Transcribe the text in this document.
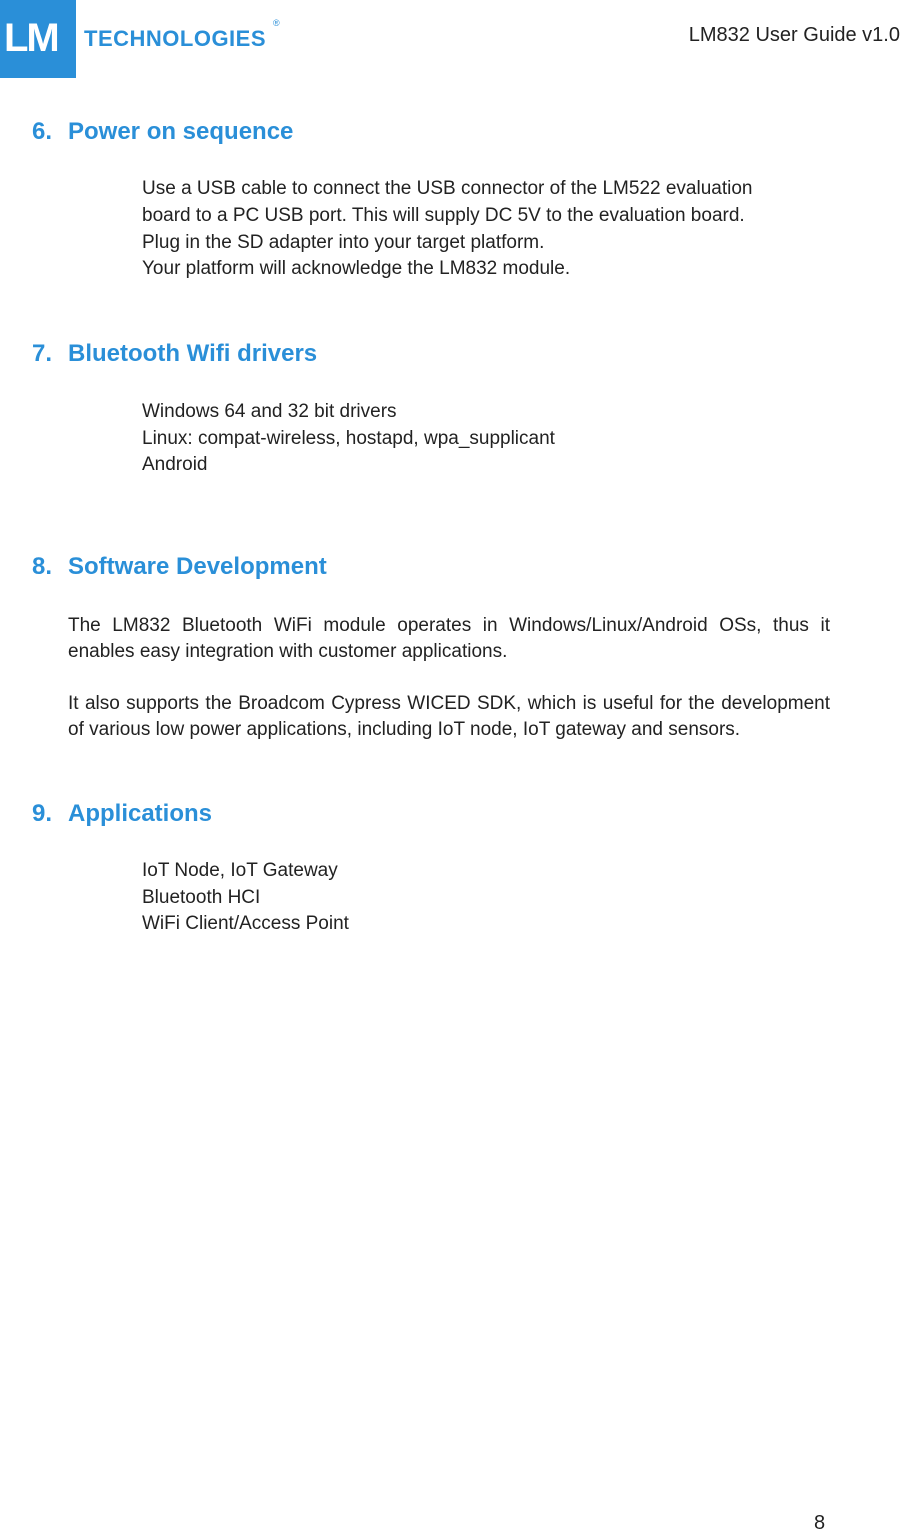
LM TECHNOLOGIES
®
LM832 User Guide v1.0
6. Power on sequence
Use a USB cable to connect the USB connector of the LM522 evaluation
board to a PC USB port. This will supply DC 5V to the evaluation board.
Plug in the SD adapter into your target platform.
Your platform will acknowledge the LM832 module.
7. Bluetooth Wifi drivers
Windows 64 and 32 bit drivers
Linux: compat-wireless, hostapd, wpa_supplicant
Android
8. Software Development
The LM832 Bluetooth WiFi module operates in Windows/Linux/Android OSs, thus it enables easy integration with customer applications.
It also supports the Broadcom Cypress WICED SDK, which is useful for the development of various low power applications, including IoT node, IoT gateway and sensors.
9. Applications
IoT Node, IoT Gateway
Bluetooth HCI
WiFi Client/Access Point
8
